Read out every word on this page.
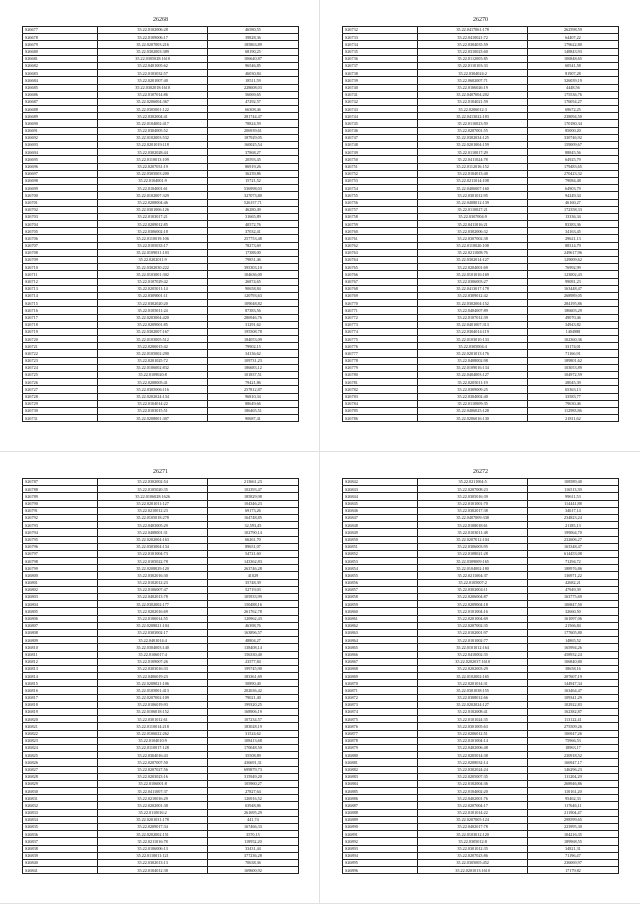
26268
S26677	35.22.0102006:28	46580,55
S26678	35.22.0109006:17	39828,36
S26679	35.22.0207003:216	185863,89
S26680	35.22.0302003:389	68190,25
S26681	35.22.0305028:1610	106640,87
S26682	35.22.0401005:62	96546,85
S26683	35.22.0103032:57	46030,84
S26684	35.22.0201007:40	18511,59
S26685	35.22.0302018:1610	228608,03
S26686	35.22.0107014:86	56069,65
S26687	35.22.0206004:367	47292,57
S26688	35.22.0305001:122	66308,46
S26689	35.22.0302004:41	281744,47
S26690	35.22.0104002:417	78824,59
S26691	35.22.0304005:52	206939,61
S26692	35.22.0102003:532	187929,05
S26693	35.22.0201019:118	160025,54
S26694	35.22.0302028:44	37868,27
S26695	35.22.0110013:109	20593,45
S26696	35.22.0207031:19	86919,26
S26697	35.22.0305003:200	36239,86
S26698	35.22.0104001:9	15721,52
S26699	35.22.0104001:61	536998,03
S26700	35.22.0102007:329	327073,80
S26701	35.22.0208004:46	526157,71
S26702	35.22.0301006:126	46280,49
S26703	35.22.0103017:21	31665,89
S26704	35.22.0209012:85	40572,76
S26705	35.22.0306002:18	37032,41
S26706	35.22.0110019:106	257753,48
S26707	35.22.0105033:17	78273,69
S26708	35.22.0109031:103	17388,00
S26709	35.22.0202011:9	79851,46
S26710	35.22.0302030:222	395303,10
S26711	35.22.0103001:302	104636,00
S26712	35.22.0107029:42	26874,65
S26713	35.22.0205011:14	90658,84
S26714	35.22.0309001:11	120793,63
S26715	35.22.0302020:20	109048,82
S26716	35.22.0105011:24	87383,56
S26717	35.22.0203004:420	286946,76
S26718	35.22.0209001:85	31291,62
S26719	35.22.0302007:167	195508,78
S26720	35.22.0103005:512	184053,09
S26721	35.22.0206015:42	79902,15
S26722	35.22.0105002:290	34136,62
S26723	35.22.0201025:72	109731,23
S26724	35.22.0106002:832	186683,12
S26725	35.22.0109020:8	101837,51
S26726	35.22.0208005:41	79421,86
S26727	35.22.0305006:116	257812,87
S26728	35.22.0202024:134	96810,34
S26729	35.22.0104014:22	88649,66
S26730	35.22.0103015:51	186465,51
S26731	35.22.0208001:307	90687,41
26270
S26732	35.22.0417061:178	262598,59
S26733	35.22.0410021:72	64407,22
S26734	35.22.0304035:59	179622,80
S26735	35.22.0310023:60	148843,93
S26736	35.22.0112005:85	106848,65
S26737	35.22.0110103:33	60541,58
S26738	35.22.0304024:2	81907,28
S26739	35.22.0602007:71	326039,19
S26740	35.22.0106026:19	4448,56
S26741	35.22.0407004:202	175536,76
S26742	35.22.0104021:59	176054,27
S26743	35.22.0206012:3	69672,25
S26744	35.22.0413022:183	238094,50
S26745	35.22.0110023:59	170180,34
S26746	35.22.0207001:55	85000,20
S26747	35.22.0302034:125	330746,92
S26748	35.22.0201004:159	159009,67
S26749	35.22.0110017:29	88845,56
S26750	35.22.0411024:78	64925,79
S26751	35.22.0112016:152	179483,65
S26752	35.22.0104013:40	270423,32
S26753	35.22.0211014:108	79084,48
S26754	35.22.0406007:160	64903,79
S26755	35.22.0301012:95	94249,34
S26756	35.22.0408012:139	46160,27
S26757	35.22.0110027:21	172358,33
S26758	35.22.0307004:9	13336,34
S26759	35.22.0411016:21	83383,36
S26760	35.22.0302006:32	34163,45
S26761	35.22.0307002:38	29621,13
S26762	35.22.0110020:108	88314,79
S26763	35.22.0211008:76	249617,96
S26764	35.22.0302014:127	129009,62
S26765	35.22.0204001:69	76992,99
S26766	35.22.0101016:169	123002,43
S26767	35.22.0306003:27	99081,23
S26768	35.22.0413017:178	163448,47
S26769	35.22.0309012:42	268989,05
S26770	35.22.0302004:152	284195,86
S26771	35.22.0404007:89	186603,29
S26772	35.22.0107012:39	49070,46
S26773	35.22.0401007:313	34943,82
S26774	35.22.0304014:119	1404988
S26775	35.22.0103010:133	102360,36
S26776	35.22.0305004:4	33174,01
S26777	35.22.0201013:176	71166,91
S26778	35.22.0408002:98	189801,62
S26779	35.22.0109016:134	103053,89
S26780	35.22.0404003:127	104972,59
S26781	35.22.0205011:19	28045,39
S26782	35.22.0309009:25	65363,13
S26783	35.22.0304002:40	33583,77
S26784	35.22.0110009:35	79630,46
S26785	35.22.0406025:128	112983,86
S26786	35.22.0206016:130	21811,62
26271
S26787	35.22.0302002:54	213661,23
S26788	35.22.0105020:35	102393,47
S26789	35.22.0106028:1626	185829,98
S26790	35.22.0201011:127	104346,23
S26791	35.22.0210012:23	69173,26
S26792	35.22.0105018:278	164748,85
S26793	35.22.0403005:29	32,593,45
S26794	35.22.0408001:31	102790,14
S26795	35.22.0202004:163	66261,70
S26796	35.22.0303004:134	89651,07
S26797	35.22.0101004:73	54721,60
S26798	35.22.0105022:78	143362,83
S26799	35.22.0208029:120	263746,28
S26800	35.22.0302016:30	41029
S26801	35.22.0102012:23	35748,39
S26802	35.22.0106007:47	52719,03
S26803	35.22.0402013:78	105933,99
S26804	35.22.0302002:177	150488,16
S26805	35.22.0202016:69	261762,78
S26806	35.22.0106014:55	120962,43
S26807	35.22.0208021:104	46398,76
S26808	35.22.0303002:17	163896,57
S26809	35.22.0401014:4	48804,27
S26810	35.22.0304003:140	138408,14
S26811	35.22.0106017:4	156330,40
S26812	35.22.0109007:26	23577,84
S26813	35.22.0303016:33	199745,90
S26814	35.22.0406019:23	183361,69
S26815	35.22.0208021:106	50890,40
S26816	35.22.0105001:413	202636,42
S26817	35.22.0207002:109	79021,40
S26818	35.22.0106019:93	199320,25
S26819	35.22.0106018:152	168906,19
S26820	35.22.0301012:61	107234,57
S26821	35.22.0110014:218	183028,19
S26822	35.22.0106022:262	31524,62
S26823	35.22.0104010:9	108413,68
S26824	35.22.0110017:128	170048,50
S26825	35.22.0304016:43	35508,89
S26826	35.22.0207007:50	436691,31
S26827	35.22.0207027:56	699879,73
S26828	35.22.0203023:16	315949,20
S26829	35.22.0106001:8	105960,27
S26830	35.22.0411007:37	27827,64
S26831	35.22.0210016:29	126916,52
S26832	35.22.0202001:38	63948,86
S26833	35.22.0110016:2	261695,29
S26834	35.22.0201031:178	441,74
S26835	35.22.0209017:34	167466,33
S26836	35.22.0202002:151	3570,15
S26837	35.22.0211016:78	118952,20
S26838	35.22.0106006:13	33431,44
S26839	35.22.0110011:121	377236,28
S26840	35.22.0302013:13	70638,36
S26841	35.22.0104012:38	169600,92
26272
S26842	35.22.0211004:5	108589,40
S26843	35.22.0207008:23	116513,39
S26844	35.22.0305016:39	99611,53
S26845	35.22.0101001:70	114441,88
S26846	35.22.0302017:38	34617,14
S26847	35.22.0407009:338	234823,24
S26848	35.22.0108018:61	21185,13
S26849	35.22.0103011:48	199064,70
S26850	35.22.0207012:104	232606,27
S26851	35.22.0306003:95	163348,47
S26852	35.22.0108021:28	614453,08
S26853	35.22.0309009:165	71294,72
S26854	35.22.0104002:180	188976,86
S26855	35.22.0211004:37	136971,22
S26856	35.22.0105007:2	42682,21
S26857	35.22.0302004:11	47949,39
S26858	35.22.0206004:87	163775,69
S26859	35.22.0209004:18	106847,50
S26860	35.22.0101004:16	32660,50
S26861	35.22.0201004:69	161097,06
S26862	35.22.0207002:35	21566,84
S26863	35.22.0102001:97	177605,80
S26864	35.22.0101002:77	14865,52
S26865	35.22.0101012:164	165994,26
S26866	35.22.0410002:35	458932,24
S26867	35.22.0202037:1610	106840,80
S26868	35.22.0202003:29	38658,16
S26869	35.22.0102002:165	207607,19
S26870	35.22.0201014:31	144947,34
S26871	35.22.0301038:155	163464,47
S26872	35.22.0308012:66	109341,29
S26873	35.22.0202024:127	102922,83
S26874	35.22.0102008:41	162382,87
S26875	35.22.0101024:35	113122,41
S26876	35.22.0301005:63	275509,26
S26877	35.22.0206012:51	106947,26
S26878	35.22.0101004:14	75966,53
S26879	35.22.0402006:48	18963,17
S26880	35.22.0205014:38	230918,52
S26881	35.22.0208032:14	166947,17
S26882	35.22.0302024:24	146296,23
S26883	35.22.0205007:35	111204,29
S26884	35.22.0102004:36	268946,86
S26885	35.22.0104002:20	110161,20
S26886	35.22.0402001:76	95462,33
S26887	35.22.0207004:17	117646,11
S26888	35.22.0101014:22	211904,47
S26889	35.22.0207005:124	298599,65
S26890	35.22.0402017:78	223995,30
S26891	35.22.0103012:120	104216,35
S26892	35.22.0305012:8	189968,55
S26893	35.22.0301012:35	34821,31
S26894	35.22.0207023:86	71196,47
S26895	35.22.0305005:452	236069,97
S26896	35.22.0201013:1610	17179,82
